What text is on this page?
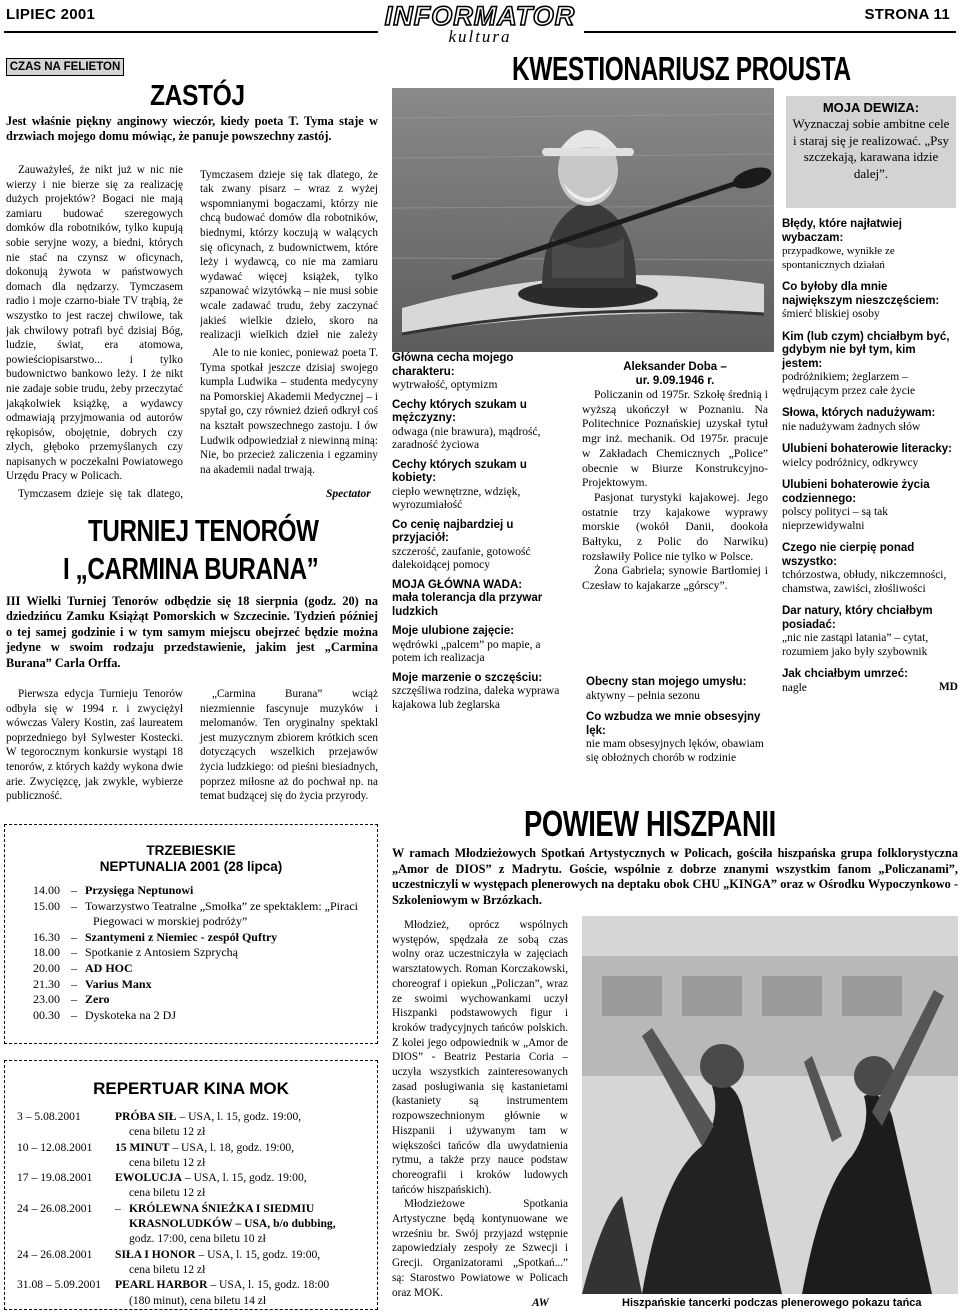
LIPIEC 2001	INFORMATOR
kultura
STRONA 11
CZAS NA FELIETON
ZASTÓJ
Jest właśnie piękny anginowy wieczór, kiedy poeta T. Tyma staje w drzwiach mojego domu mówiąc, że panuje powszechny zastój.
Zauważyłeś, że nikt już w nic nie wierzy i nie bierze się za realizację dużych projektów? Bogaci nie mają zamiaru budować szeregowych domków dla robotników, tylko kupują sobie seryjne wozy, a biedni, których nie stać na czynsz w oficynach, dokonują żywota w państwowych domach dla nędzarzy. Tymczasem radio i moje czarno-białe TV trąbią, że wszystko to jest raczej chwilowe, tak jak chwilowy potrafi być dzisiaj Bóg, ludzie, świat, era atomowa, powieściopisarstwo... i tylko budownictwo bankowo leży. I że nikt nie zadaje sobie trudu, żeby przeczytać jakąkolwiek książkę, a wydawcy odmawiają przyjmowania od autorów rękopisów, obojętnie, dobrych czy złych, głęboko przemyślanych czy napisanych w poczekalni Powiatowego Urzędu Pracy w Policach.
Tymczasem dzieje się tak dlatego,
Tymczasem dzieje się tak dlatego, że tak zwany pisarz – wraz z wyżej wspomnianymi bogaczami, którzy nie chcą budować domów dla robotników, biednymi, którzy koczują w walących się oficynach, z budownictwem, które leży i wydawcą, co nie ma zamiaru wydawać więcej książek, tylko szpanować wizytówką – nie musi sobie wcale zadawać trudu, żeby zaczynać jakieś wielkie dzieło, skoro na realizacji wielkich dzieł nie zależy
Ale to nie koniec, ponieważ poeta T. Tyma spotkał jeszcze dzisiaj swojego kumpla Ludwika – studenta medycyny na Pomorskiej Akademii Medycznej – i spytał go, czy również dzień odkrył coś na kształt powszechnego zastoju. I ów Ludwik odpowiedział z niewinną miną: Nie, bo przecież zaliczenia i egzaminy na akademii nadal trwają.
Spectator
TURNIEJ TENORÓW
I „CARMINA BURANA”
III Wielki Turniej Tenorów odbędzie się 18 sierpnia (godz. 20) na dziedzińcu Zamku Książąt Pomorskich w Szczecinie. Tydzień później o tej samej godzinie i w tym samym miejscu obejrzeć będzie można jedyne w swoim rodzaju przedstawienie, jakim jest „Carmina Burana” Carla Orffa.
Pierwsza edycja Turnieju Tenorów odbyła się w 1994 r. i zwyciężył wówczas Valery Kostin, zaś laureatem poprzedniego był Sylwester Kostecki. W tegorocznym konkursie wystąpi 18 tenorów, z których każdy wykona dwie arie. Zwycięzcę, jak zwykle, wybierze publiczność.
„Carmina Burana” wciąż niezmiennie fascynuje muzyków i melomanów. Ten oryginalny spektakl jest muzycznym zbiorem krótkich scen dotyczących wszelkich przejawów życia ludzkiego: od pieśni biesiadnych, poprzez miłosne aż do pochwał np. na temat budzącej się do życia przyrody.
TRZEBIESKIE
NEPTUNALIA 2001 (28 lipca)
14.00 – Przysięga Neptunowi
15.00 – Towarzystwo Teatralne „Smołka” ze spektaklem: „Piraci
Piegowaci w morskiej podróży”
16.30 – Szantymeni z Niemiec - zespół Quftry
18.00 – Spotkanie z Antosiem Szprychą
20.00 – AD HOC
21.30 – Varius Manx
23.00 – Zero
00.30 – Dyskoteka na 2 DJ
REPERTUAR KINA MOK
3 – 5.08.2001	PRÓBA SIŁ
– USA, l. 15, godz. 19:00,
cena biletu 12 zł
10 – 12.08.2001	15 MINUT
– USA, l. 18, godz. 19:00,
cena biletu 12 zł
17 – 19.08.2001	EWOLUCJA
– USA, l. 15, godz. 19:00,
cena biletu 12 zł
24 – 26.08.2001	– KRÓLEWNA ŚNIEŻKA I SIEDMIU
KRASNOLUDKÓW – USA, b/o dubbing,
godz. 17:00, cena biletu 10 zł
24 – 26.08.2001	SIŁA I HONOR
– USA, l. 15, godz. 19:00,
cena biletu 12 zł
31.08 – 5.09.2001	PEARL HARBOR
– USA, l. 15, godz. 18:00
(180 minut), cena biletu 14 zł
KWESTIONARIUSZ PROUSTA
MOJA DEWIZA:
Wyznaczaj sobie ambitne cele i staraj się je realizować. „Psy szczekają, karawana idzie dalej”.
Główna cecha mojego charakteru:
wytrwałość, optymizm
Cechy których szukam u mężczyzny:
odwaga (nie brawura), mądrość, zaradność życiowa
Cechy których szukam u kobiety:
ciepło wewnętrzne, wdzięk, wyrozumiałość
Co cenię najbardziej u przyjaciół:
szczerość, zaufanie, gotowość dalekoidącej pomocy
MOJA GŁÓWNA WADA:
mała tolerancja dla przywar ludzkich
Moje ulubione zajęcie:
wędrówki „palcem” po mapie, a potem ich realizacja
Moje marzenie o szczęściu:
szczęśliwa rodzina, daleka wyprawa kajakowa lub żeglarska
Aleksander Doba –
ur. 9.09.1946 r.
Policzanin od 1975r. Szkołę średnią i wyższą ukończył w Poznaniu. Na Politechnice Poznańskiej uzyskał tytuł mgr inż. mechanik. Od 1975r. pracuje w Zakładach Chemicznych „Police” obecnie w Biurze Konstrukcyjno-Projektowym.
Pasjonat turystyki kajakowej. Jego ostatnie trzy kajakowe wyprawy morskie (wokół Danii, dookoła Bałtyku, z Polic do Narwiku) rozsławiły Police nie tylko w Polsce.
Żona Gabriela; synowie Bartłomiej i Czesław to kajakarze „górscy”.
Obecny stan mojego umysłu:
aktywny – pełnia sezonu
Co wzbudza we mnie obsesyjny lęk:
nie mam obsesyjnych lęków, obawiam się obłożnych chorób w rodzinie
Błędy, które najłatwiej wybaczam:
przypadkowe, wynikłe ze spontanicznych działań
Co byłoby dla mnie największym nieszczęściem:
śmierć bliskiej osoby
Kim (lub czym) chciałbym być, gdybym nie był tym, kim jestem:
podróżnikiem; żeglarzem – wędrującym przez całe życie
Słowa, których nadużywam:
nie nadużywam żadnych słów
Ulubieni bohaterowie literacky:
wielcy podróżnicy, odkrywcy
Ulubieni bohaterowie życia codziennego:
polscy polityci – są tak nieprzewidywalni
Czego nie cierpię ponad wszystko:
tchórzostwa, obłudy, nikczemności, chamstwa, zawiści, złośliwości
Dar natury, który chciałbym posiadać:
„nic nie zastąpi latania” – cytat, rozumiem jako były szybownik
Jak chciałbym umrzeć:
nagle	MD
POWIEW HISZPANII
W ramach Młodzieżowych Spotkań Artystycznych w Policach, gościła hiszpańska grupa folklorystyczna „Amor de DIOS” z Madrytu. Goście, wspólnie z dobrze znanymi wszystkim fanom „Policzanami”, uczestniczyli w występach plenerowych na deptaku obok CHU „KINGA” oraz w Ośrodku Wypoczynkowo - Szkoleniowym w Brzózkach.

Młodzież, oprócz wspólnych występów, spędzała ze sobą czas wolny oraz uczestniczyła w zajęciach warsztatowych. Roman Korczakowski, choreograf i opiekun „Policzan”, wraz ze swoimi wychowankami uczył Hiszpanki podstawowych figur i kroków tradycyjnych tańców polskich. Z kolei jego odpowiednik w „Amor de DIOS” - Beatriz Pestaria Coria – uczyła wszystkich zainteresowanych zasad posługiwania się kastanietami (kastaniety są instrumentem rozpowszechnionym głównie w Hiszpanii i używanym tam w większości tańców dla uwydatnienia rytmu, a także przy nauce podstaw choreografii i kroków ludowych tańców hiszpańskich).

Młodzieżowe Spotkania Artystyczne będą kontynuowane we wrześniu br. Swój przyjazd wstępnie zapowiedziały zespoły ze Szwecji i Grecji. Organizatorami „Spotkań...” są: Starostwo Powiatowe w Policach oraz MOK.

AW	Hiszpańskie tancerki podczas plenerowego pokazu tańca
